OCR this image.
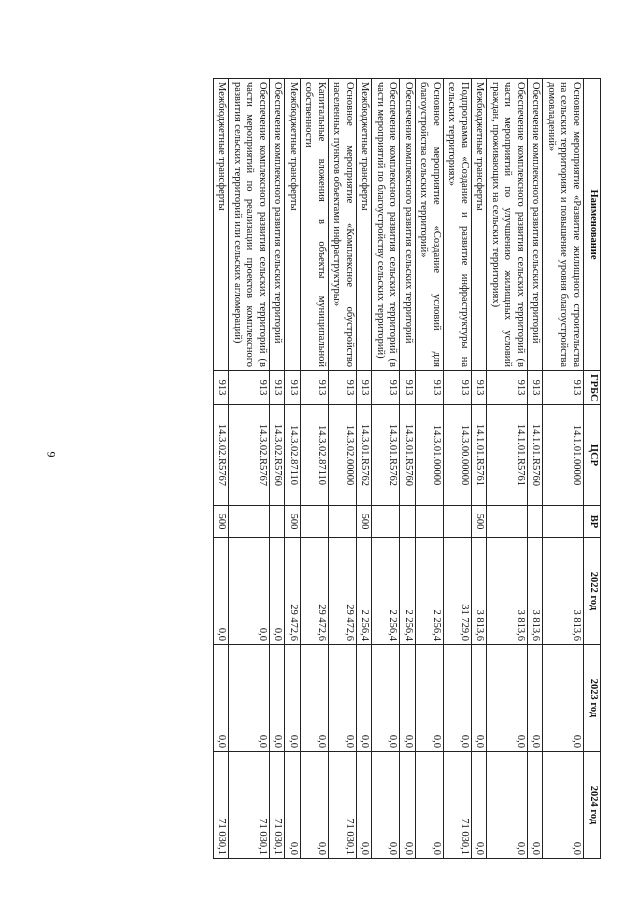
9
Наименование	ГРБС	ЦСР	ВР	2022 год	2023 год	2024 год
Основное мероприятие «Развитие жилищного строительства на сельских территориях и повышение уровня благоустройства домовладений»	913	14.1.01.00000		3 813,6	0,0	0,0
Обеспечение комплексного развития сельских территорий	913	14.1.01.R5760		3 813,6	0,0	0,0
Обеспечение комплексного развития сельских территорий (в части мероприятий по улучшению жилищных условий граждан, проживающих на сельских территориях)	913	14.1.01.R5761		3 813,6	0,0	0,0
Межбюджетные трансферты	913	14.1.01.R5761	500	3 813,6	0,0	0,0
Подпрограмма «Создание и развитие инфраструктуры на сельских территориях»	913	14.3.00.00000		31 729,0	0,0	71 030,1
Основное мероприятие «Создание условий для благоустройства сельских территорий»	913	14.3.01.00000		2 256,4	0,0	0,0
Обеспечение комплексного развития сельских территорий	913	14.3.01.R5760		2 256,4	0,0	0,0
Обеспечение комплексного развития сельских территорий (в части мероприятий по благоустройству сельских территорий)	913	14.3.01.R5762		2 256,4	0,0	0,0
Межбюджетные трансферты	913	14.3.01.R5762	500	2 256,4	0,0	0,0
Основное мероприятие «Комплексное обустройство населенных пунктов объектами инфраструктуры»	913	14.3.02.00000		29 472,6	0,0	71 030,1
Капитальные вложения в объекты муниципальной собственности	913	14.3.02.87110		29 472,6	0,0	0,0
Межбюджетные трансферты	913	14.3.02.87110	500	29 472,6	0,0	0,0
Обеспечение комплексного развития сельских территорий	913	14.3.02.R5760		0,0	0,0	71 030,1
Обеспечение комплексного развития сельских территорий (в части мероприятий по реализации проектов комплексного развития сельских территорий или сельских агломераций)	913	14.3.02.R5767		0,0	0,0	71 030,1
Межбюджетные трансферты	913	14.3.02.R5767	500	0,0	0,0	71 030,1
